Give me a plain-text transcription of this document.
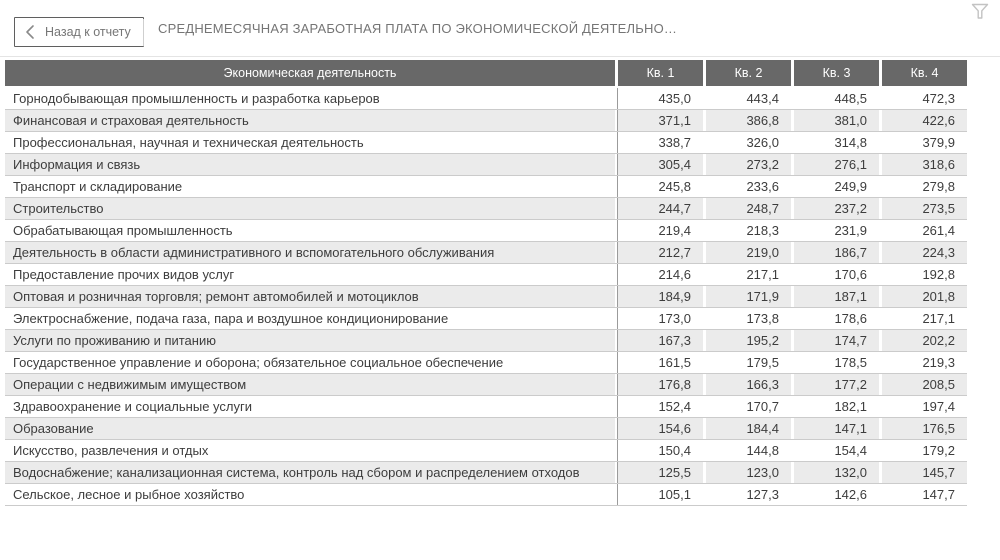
Назад к отчету СРЕДНЕМЕСЯЧНАЯ ЗАРАБОТНАЯ ПЛАТА ПО ЭКОНОМИЧЕСКОЙ ДЕЯТЕЛЬНО…
Экономическая деятельность	Кв. 1	Кв. 2	Кв. 3	Кв. 4
Горнодобывающая промышленность и разработка карьеров	435,0	443,4	448,5	472,3
Финансовая и страховая деятельность	371,1	386,8	381,0	422,6
Профессиональная, научная и техническая деятельность	338,7	326,0	314,8	379,9
Информация и связь	305,4	273,2	276,1	318,6
Транспорт и складирование	245,8	233,6	249,9	279,8
Строительство	244,7	248,7	237,2	273,5
Обрабатывающая промышленность	219,4	218,3	231,9	261,4
Деятельность в области административного и вспомогательного обслуживания	212,7	219,0	186,7	224,3
Предоставление прочих видов услуг	214,6	217,1	170,6	192,8
Оптовая и розничная торговля; ремонт автомобилей и мотоциклов	184,9	171,9	187,1	201,8
Электроснабжение, подача газа, пара и воздушное кондиционирование	173,0	173,8	178,6	217,1
Услуги по проживанию и питанию	167,3	195,2	174,7	202,2
Государственное управление и оборона; обязательное социальное обеспечение	161,5	179,5	178,5	219,3
Операции с недвижимым имуществом	176,8	166,3	177,2	208,5
Здравоохранение и социальные услуги	152,4	170,7	182,1	197,4
Образование	154,6	184,4	147,1	176,5
Искусство, развлечения и отдых	150,4	144,8	154,4	179,2
Водоснабжение; канализационная система, контроль над сбором и распределением отходов	125,5	123,0	132,0	145,7
Сельское, лесное и рыбное хозяйство	105,1	127,3	142,6	147,7
